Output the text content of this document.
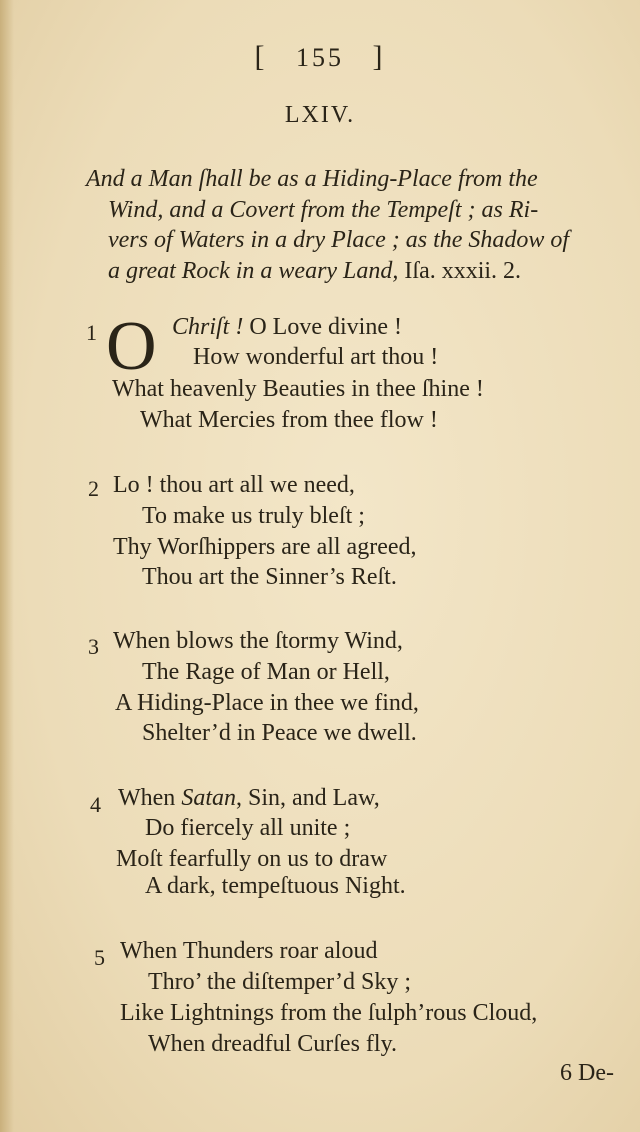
[ 155 ]
LXIV.
And a Man ſhall be as a Hiding-Place from the
Wind, and a Covert from the Tempeſt ; as Ri-
vers of Waters in a dry Place ; as the Shadow of
a great Rock in a weary Land, Iſa. xxxii. 2.
1 O Chriſt ! O Love divine !
How wonderful art thou !
What heavenly Beauties in thee ſhine !
What Mercies from thee flow !
2 Lo ! thou art all we need,
To make us truly bleſt ;
Thy Worſhippers are all agreed,
Thou art the Sinner’s Reſt.
3 When blows the ſtormy Wind,
The Rage of Man or Hell,
A Hiding-Place in thee we find,
Shelter’d in Peace we dwell.
4 When Satan, Sin, and Law,
Do fiercely all unite ;
Moſt fearfully on us to draw
A dark, tempeſtuous Night.
5 When Thunders roar aloud
Thro’ the diſtemper’d Sky ;
Like Lightnings from the ſulph’rous Cloud,
When dreadful Curſes fly.
6 De-
